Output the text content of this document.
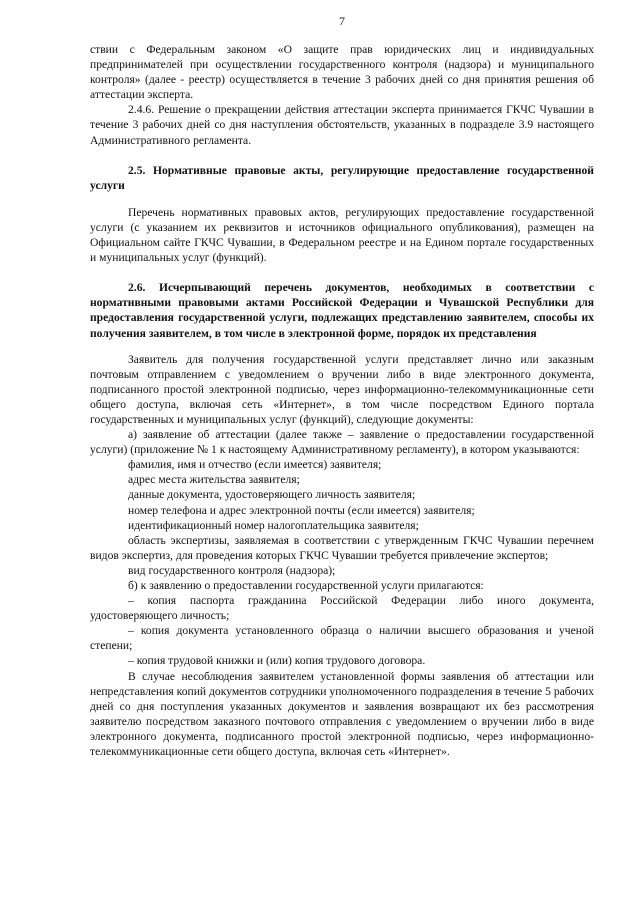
7

ствии с Федеральным законом «О защите прав юридических лиц и индивидуальных предпринимателей при осуществлении государственного контроля (надзора) и муниципального контроля» (далее - реестр) осуществляется в течение 3 рабочих дней со дня принятия решения об аттестации эксперта.

2.4.6. Решение о прекращении действия аттестации эксперта принимается ГКЧС Чувашии в течение 3 рабочих дней со дня наступления обстоятельств, указанных в подразделе 3.9 настоящего Административного регламента.

2.5. Нормативные правовые акты, регулирующие предоставление государственной услуги

Перечень нормативных правовых актов, регулирующих предоставление государственной услуги (с указанием их реквизитов и источников официального опубликования), размещен на Официальном сайте ГКЧС Чувашии, в Федеральном реестре и на Едином портале государственных и муниципальных услуг (функций).

2.6. Исчерпывающий перечень документов, необходимых в соответствии с нормативными правовыми актами Российской Федерации и Чувашской Республики для предоставления государственной услуги, подлежащих представлению заявителем, способы их получения заявителем, в том числе в электронной форме, порядок их представления

Заявитель для получения государственной услуги представляет лично или заказным почтовым отправлением с уведомлением о вручении либо в виде электронного документа, подписанного простой электронной подписью, через информационно-телекоммуникационные сети общего доступа, включая сеть «Интернет», в том числе посредством Единого портала государственных и муниципальных услуг (функций), следующие документы:

а) заявление об аттестации (далее также – заявление о предоставлении государственной услуги) (приложение № 1 к настоящему Административному регламенту), в котором указываются:

фамилия, имя и отчество (если имеется) заявителя;

адрес места жительства заявителя;

данные документа, удостоверяющего личность заявителя;

номер телефона и адрес электронной почты (если имеется) заявителя;

идентификационный номер налогоплательщика заявителя;

область экспертизы, заявляемая в соответствии с утвержденным ГКЧС Чувашии перечнем видов экспертиз, для проведения которых ГКЧС Чувашии требуется привлечение экспертов;

вид государственного контроля (надзора);

б) к заявлению о предоставлении государственной услуги прилагаются:

– копия паспорта гражданина Российской Федерации либо иного документа, удостоверяющего личность;

– копия документа установленного образца о наличии высшего образования и ученой степени;

– копия трудовой книжки и (или) копия трудового договора.

В случае несоблюдения заявителем установленной формы заявления об аттестации или непредставления копий документов сотрудники уполномоченного подразделения в течение 5 рабочих дней со дня поступления указанных документов и заявления возвращают их без рассмотрения заявителю посредством заказного почтового отправления с уведомлением о вручении либо в виде электронного документа, подписанного простой электронной подписью, через информационно-телекоммуникационные сети общего доступа, включая сеть «Интернет».
